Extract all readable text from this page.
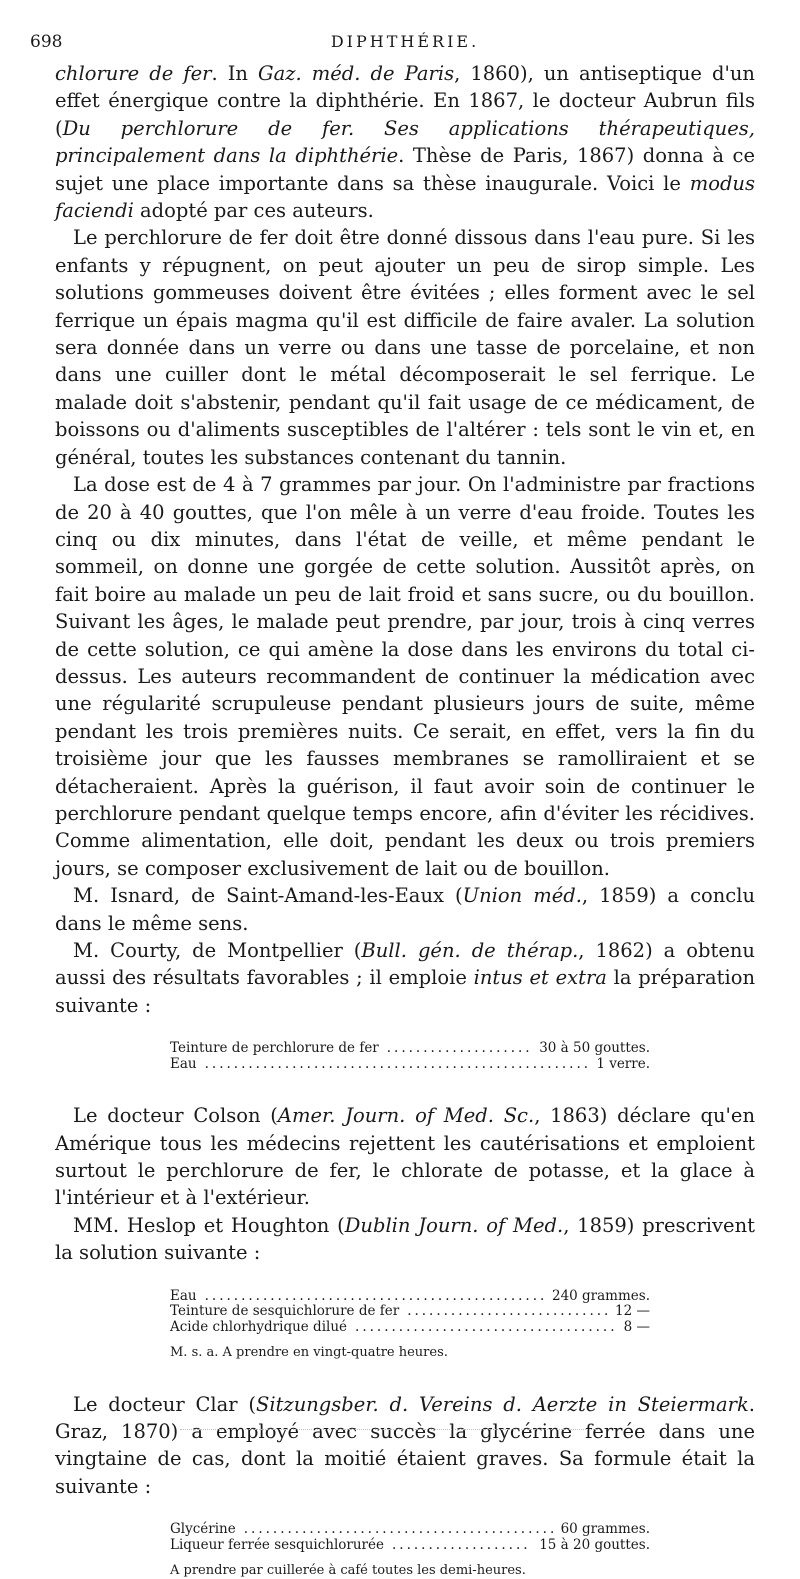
698	DIPHTHÉRIE.

chlorure de fer. In Gaz. méd. de Paris, 1860), un antiseptique d'un effet énergique contre la diphthérie. En 1867, le docteur Aubrun fils (Du perchlorure de fer. Ses applications thérapeutiques, principalement dans la diphthérie. Thèse de Paris, 1867) donna à ce sujet une place importante dans sa thèse inaugurale. Voici le modus faciendi adopté par ces auteurs.

Le perchlorure de fer doit être donné dissous dans l'eau pure. Si les enfants y répugnent, on peut ajouter un peu de sirop simple. Les solutions gommeuses doivent être évitées ; elles forment avec le sel ferrique un épais magma qu'il est difficile de faire avaler. La solution sera donnée dans un verre ou dans une tasse de porcelaine, et non dans une cuiller dont le métal décomposerait le sel ferrique. Le malade doit s'abstenir, pendant qu'il fait usage de ce médicament, de boissons ou d'aliments susceptibles de l'altérer : tels sont le vin et, en général, toutes les substances contenant du tannin.

La dose est de 4 à 7 grammes par jour. On l'administre par fractions de 20 à 40 gouttes, que l'on mêle à un verre d'eau froide. Toutes les cinq ou dix minutes, dans l'état de veille, et même pendant le sommeil, on donne une gorgée de cette solution. Aussitôt après, on fait boire au malade un peu de lait froid et sans sucre, ou du bouillon. Suivant les âges, le malade peut prendre, par jour, trois à cinq verres de cette solution, ce qui amène la dose dans les environs du total ci-dessus. Les auteurs recommandent de continuer la médication avec une régularité scrupuleuse pendant plusieurs jours de suite, même pendant les trois premières nuits. Ce serait, en effet, vers la fin du troisième jour que les fausses membranes se ramolliraient et se détacheraient. Après la guérison, il faut avoir soin de continuer le perchlorure pendant quelque temps encore, afin d'éviter les récidives. Comme alimentation, elle doit, pendant les deux ou trois premiers jours, se composer exclusivement de lait ou de bouillon.

M. Isnard, de Saint-Amand-les-Eaux (Union méd., 1859) a conclu dans le même sens.

M. Courty, de Montpellier (Bull. gén. de thérap., 1862) a obtenu aussi des résultats favorables ; il emploie intus et extra la préparation suivante :

Teinture de perchlorure de fer .....	30 à 50 gouttes.
Eau .....	1 verre.

Le docteur Colson (Amer. Journ. of Med. Sc., 1863) déclare qu'en Amérique tous les médecins rejettent les cautérisations et emploient surtout le perchlorure de fer, le chlorate de potasse, et la glace à l'intérieur et à l'extérieur.

MM. Heslop et Houghton (Dublin Journ. of Med., 1859) prescrivent la solution suivante :

Eau .....	240 grammes.
Teinture de sesquichlorure de fer .....	12 —
Acide chlorhydrique dilué .....	8 —
M. s. a. A prendre en vingt-quatre heures.

Le docteur Clar (Sitzungsber. d. Vereins d. Aerzte in Steiermark. Graz, 1870) a employé avec succès la glycérine ferrée dans une vingtaine de cas, dont la moitié étaient graves. Sa formule était la suivante :

Glycérine .....	60 grammes.
Liqueur ferrée sesquichlorurée .....	15 à 20 gouttes.
A prendre par cuillerée à café toutes les demi-heures.
